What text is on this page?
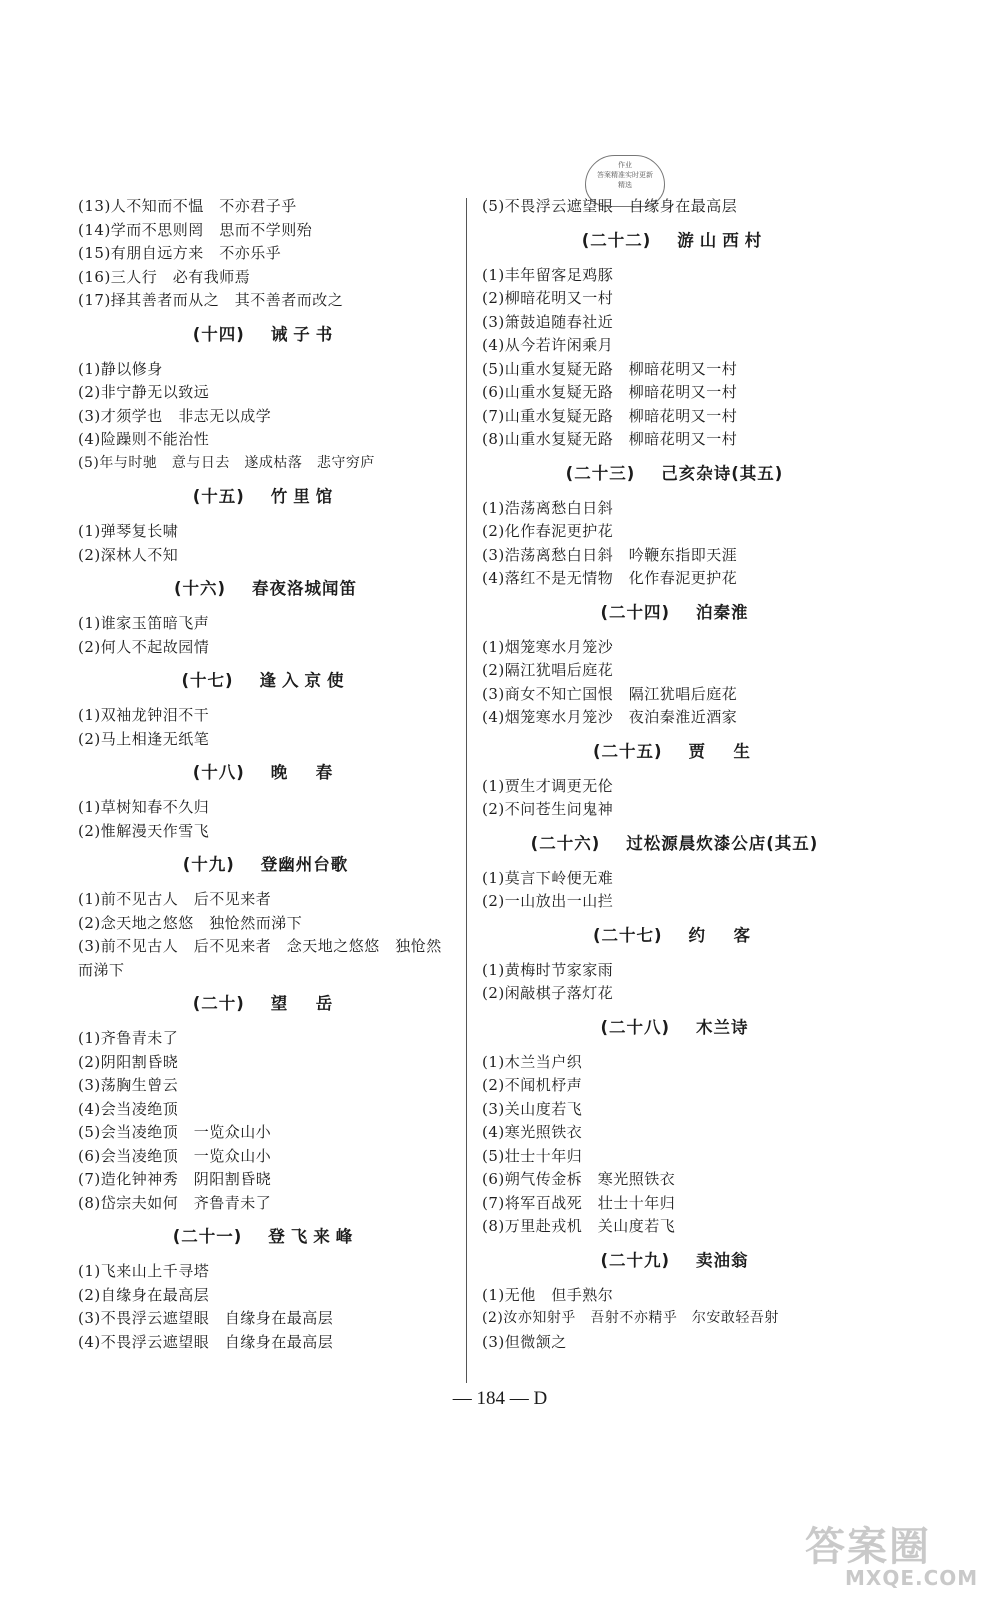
作业
答案精准实时更新
精选
(13)人不知而不愠　不亦君子乎
(14)学而不思则罔　思而不学则殆
(15)有朋自远方来　不亦乐乎
(16)三人行　必有我师焉
(17)择其善者而从之　其不善者而改之
(十四) 诫子书
(1)静以修身
(2)非宁静无以致远
(3)才须学也　非志无以成学
(4)险躁则不能治性
(5)年与时驰　意与日去　遂成枯落　悲守穷庐
(十五) 竹里馆
(1)弹琴复长啸
(2)深林人不知
(十六) 春夜洛城闻笛
(1)谁家玉笛暗飞声
(2)何人不起故园情
(十七) 逢入京使
(1)双袖龙钟泪不干
(2)马上相逢无纸笔
(十八) 晚　春
(1)草树知春不久归
(2)惟解漫天作雪飞
(十九) 登幽州台歌
(1)前不见古人　后不见来者
(2)念天地之悠悠　独怆然而涕下
(3)前不见古人　后不见来者　念天地之悠悠　独怆然而涕下
(二十) 望　岳
(1)齐鲁青未了
(2)阴阳割昏晓
(3)荡胸生曾云
(4)会当凌绝顶
(5)会当凌绝顶　一览众山小
(6)会当凌绝顶　一览众山小
(7)造化钟神秀　阴阳割昏晓
(8)岱宗夫如何　齐鲁青未了
(二十一) 登飞来峰
(1)飞来山上千寻塔
(2)自缘身在最高层
(3)不畏浮云遮望眼　自缘身在最高层
(4)不畏浮云遮望眼　自缘身在最高层
(5)不畏浮云遮望眼　自缘身在最高层
(二十二) 游山西村
(1)丰年留客足鸡豚
(2)柳暗花明又一村
(3)箫鼓追随春社近
(4)从今若许闲乘月
(5)山重水复疑无路　柳暗花明又一村
(6)山重水复疑无路　柳暗花明又一村
(7)山重水复疑无路　柳暗花明又一村
(8)山重水复疑无路　柳暗花明又一村
(二十三) 己亥杂诗(其五)
(1)浩荡离愁白日斜
(2)化作春泥更护花
(3)浩荡离愁白日斜　吟鞭东指即天涯
(4)落红不是无情物　化作春泥更护花
(二十四) 泊秦淮
(1)烟笼寒水月笼沙
(2)隔江犹唱后庭花
(3)商女不知亡国恨　隔江犹唱后庭花
(4)烟笼寒水月笼沙　夜泊秦淮近酒家
(二十五) 贾　生
(1)贾生才调更无伦
(2)不问苍生问鬼神
(二十六) 过松源晨炊漆公店(其五)
(1)莫言下岭便无难
(2)一山放出一山拦
(二十七) 约　客
(1)黄梅时节家家雨
(2)闲敲棋子落灯花
(二十八) 木兰诗
(1)木兰当户织
(2)不闻机杼声
(3)关山度若飞
(4)寒光照铁衣
(5)壮士十年归
(6)朔气传金柝　寒光照铁衣
(7)将军百战死　壮士十年归
(8)万里赴戎机　关山度若飞
(二十九) 卖油翁
(1)无他　但手熟尔
(2)汝亦知射乎　吾射不亦精乎　尔安敢轻吾射
(3)但微颔之
— 184 — D
答案圈
MXQE.COM
